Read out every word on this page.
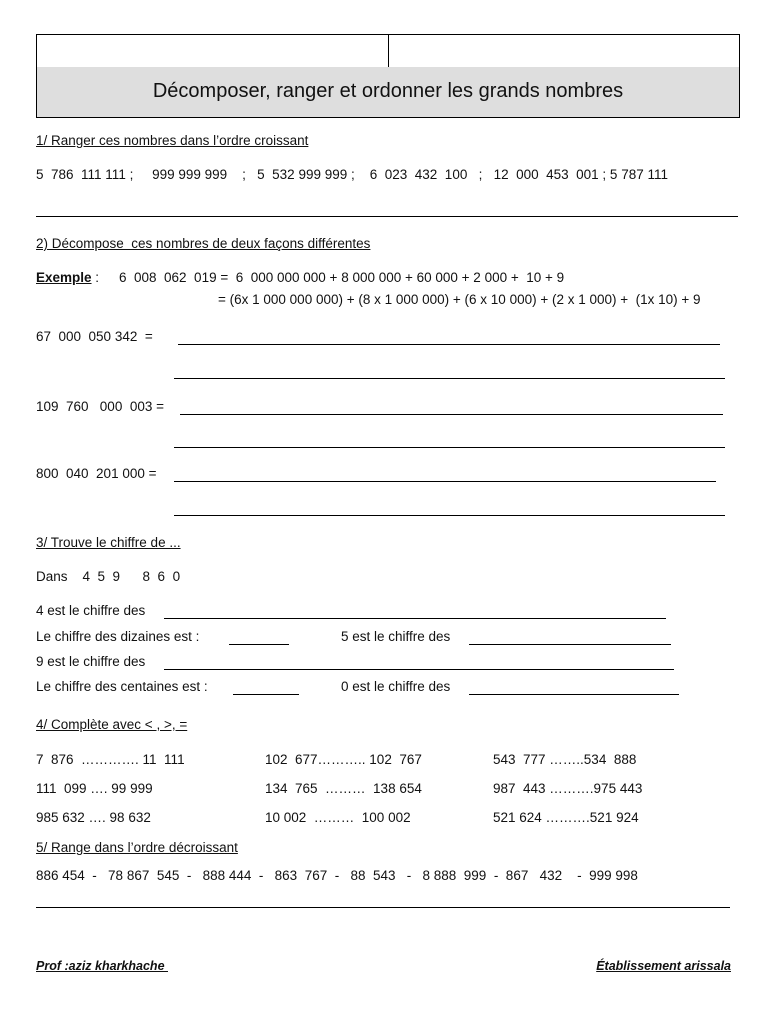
Décomposer, ranger et ordonner les grands nombres
1/ Ranger ces nombres dans l’ordre croissant
5  786  111 111 ;     999 999 999    ;   5  532 999 999 ;    6  023  432  100   ;   12  000  453  001 ; 5 787 111
2) Décompose  ces nombres de deux façons différentes
Exemple : 6  008  062  019 =  6  000 000 000 + 8 000 000 + 60 000 + 2 000 +  10 + 9
= (6x 1 000 000 000) + (8 x 1 000 000) + (6 x 10 000) + (2 x 1 000) +  (1x 10) + 9
67  000  050 342  =
109  760   000  003 =
800  040  201 000 =
3/ Trouve le chiffre de ...
Dans    4  5  9      8  6  0
4 est le chiffre des
Le chiffre des dizaines est :	5 est le chiffre des
9 est le chiffre des
Le chiffre des centaines est :	0 est le chiffre des
4/ Complète avec < , >, =
7  876  …………. 11  111	102  677……….. 102  767	543  777 ……..534  888
111  099 …. 99 999	134  765  ………  138 654	987  443 ……….975 443
985 632 …. 98 632	10 002  ………  100 002	521 624 ……….521 924
5/ Range dans l’ordre décroissant
886 454  -   78 867  545  -   888 444  -   863  767  -   88  543   -   8 888  999  -  867   432    -  999 998
Prof :aziz kharkhache	Établissement arissala
